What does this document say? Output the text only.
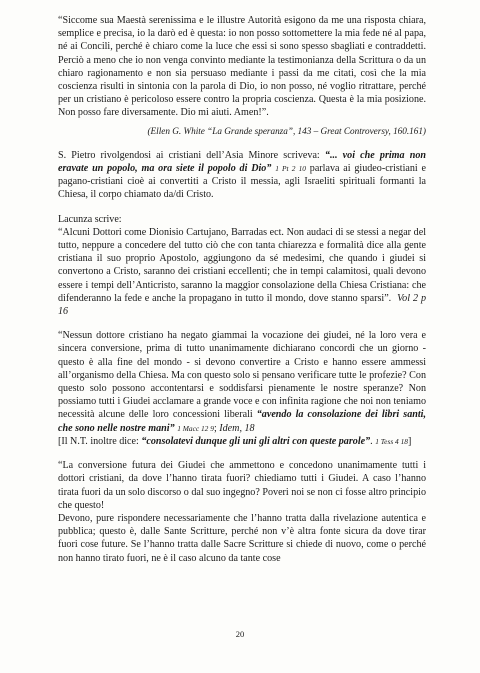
“Siccome sua Maestà serenissima e le illustre Autorità esigono da me una risposta chiara, semplice e precisa, io la darò ed è questa: io non posso sottomettere la mia fede né al papa, né ai Concili, perché è chiaro come la luce che essi si sono spesso sbagliati e contraddetti. Perciò a meno che io non venga convinto mediante la testimonianza della Scrittura o da un chiaro ragionamento e non sia persuaso mediante i passi da me citati, così che la mia coscienza risulti in sintonia con la parola di Dio, io non posso, né voglio ritrattare, perché per un cristiano è pericoloso essere contro la propria coscienza. Questa è la mia posizione. Non posso fare diversamente. Dio mi aiuti. Amen!”.

(Ellen G. White “La Grande speranza”, 143 – Great Controversy, 160.161)

S. Pietro rivolgendosi ai cristiani dell’Asia Minore scriveva: “... voi che prima non eravate un popolo, ma ora siete il popolo di Dio” 1 Pt 2 10 parlava ai giudeo-cristiani e pagano-cristiani cioè ai convertiti a Cristo il messia, agli Israeliti spirituali formanti la Chiesa, il corpo chiamato da/di Cristo.

Lacunza scrive:

“Alcuni Dottori come Dionisio Cartujano, Barradas ect. Non audaci di se stessi a negar del tutto, neppure a concedere del tutto ciò che con tanta chiarezza e formalità dice alla gente cristiana il suo proprio Apostolo, aggiungono da sé medesimi, che quando i giudei si convertono a Cristo, saranno dei cristiani eccellenti; che in tempi calamitosi, quali devono essere i tempi dell’Anticristo, saranno la maggior consolazione della Chiesa Cristiana: che difenderanno la fede e anche la propagano in tutto il mondo, dove stanno sparsi”. Vol 2 p 16

“Nessun dottore cristiano ha negato giammai la vocazione dei giudei, né la loro vera e sincera conversione, prima di tutto unanimamente dichiarano concordi che un giorno - questo è alla fine del mondo - si devono convertire a Cristo e hanno essere ammessi all’organismo della Chiesa. Ma con questo solo si pensano verificare tutte le profezie? Con questo solo possono accontentarsi e soddisfarsi pienamente le nostre speranze? Non possiamo tutti i Giudei acclamare a grande voce e con infinita ragione che noi non teniamo necessità alcune delle loro concessioni liberali “avendo la consolazione dei libri santi, che sono nelle nostre mani” 1 Macc 12 9; Idem, 18
[Il N.T. inoltre dice: “consolatevi dunque gli uni gli altri con queste parole”. 1 Tess 4 18]

“La conversione futura dei Giudei che ammettono e concedono unanimamente tutti i dottori cristiani, da dove l’hanno tirata fuori? chiediamo tutti i Giudei. A caso l’hanno tirata fuori da un solo discorso o dal suo ingegno? Poveri noi se non ci fosse altro principio che questo!

Devono, pure rispondere necessariamente che l’hanno tratta dalla rivelazione autentica e pubblica; questo è, dalle Sante Scritture, perché non v’è altra fonte sicura da dove tirar fuori cose future. Se l’hanno tratta dalle Sacre Scritture si chiede di nuovo, come o perché non hanno tirato fuori, ne è il caso alcuno da tante cose

20
